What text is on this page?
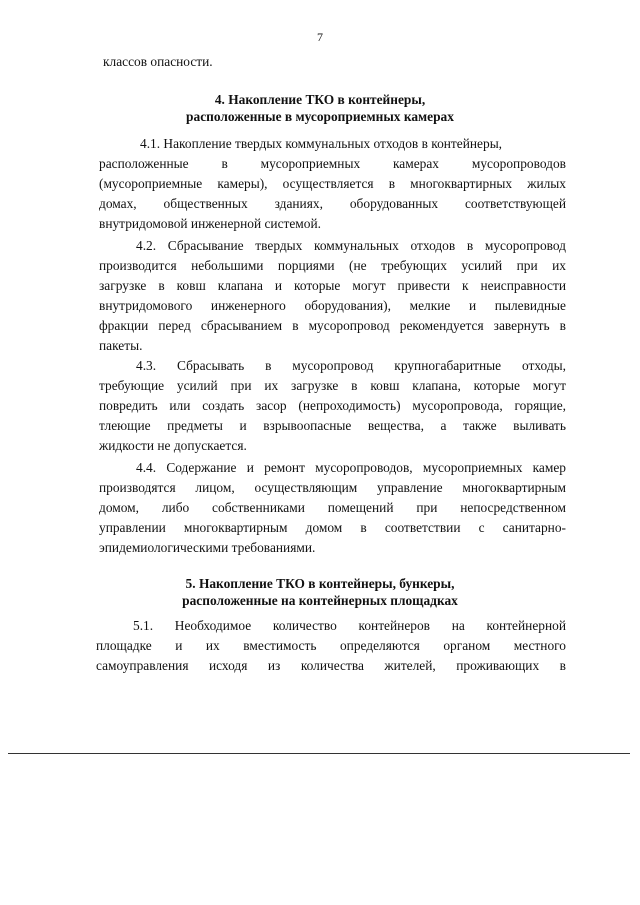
7
классов опасности.
4. Накопление ТКО в контейнеры,
расположенные в мусороприемных камерах
4.1. Накопление твердых коммунальных отходов в контейнеры,
расположенные в мусороприемных камерах мусоропроводов
(мусороприемные камеры), осуществляется в многоквартирных жилых
домах, общественных зданиях, оборудованных соответствующей
внутридомовой инженерной системой.
4.2. Сбрасывание твердых коммунальных отходов в мусоропровод
производится небольшими порциями (не требующих усилий при их
загрузке в ковш клапана и которые могут привести к неисправности
внутридомового инженерного оборудования), мелкие и пылевидные
фракции перед сбрасыванием в мусоропровод рекомендуется завернуть в
пакеты.
4.3. Сбрасывать в мусоропровод крупногабаритные отходы,
требующие усилий при их загрузке в ковш клапана, которые могут
повредить или создать засор (непроходимость) мусоропровода, горящие,
тлеющие предметы и взрывоопасные вещества, а также выливать
жидкости не допускается.
4.4. Содержание и ремонт мусоропроводов, мусороприемных камер
производятся лицом, осуществляющим управление многоквартирным
домом, либо собственниками помещений при непосредственном
управлении многоквартирным домом в соответствии с санитарно-
эпидемиологическими требованиями.
5. Накопление ТКО в контейнеры, бункеры,
расположенные на контейнерных площадках
5.1. Необходимое количество контейнеров на контейнерной
площадке и их вместимость определяются органом местного
самоуправления исходя из количества жителей, проживающих в
